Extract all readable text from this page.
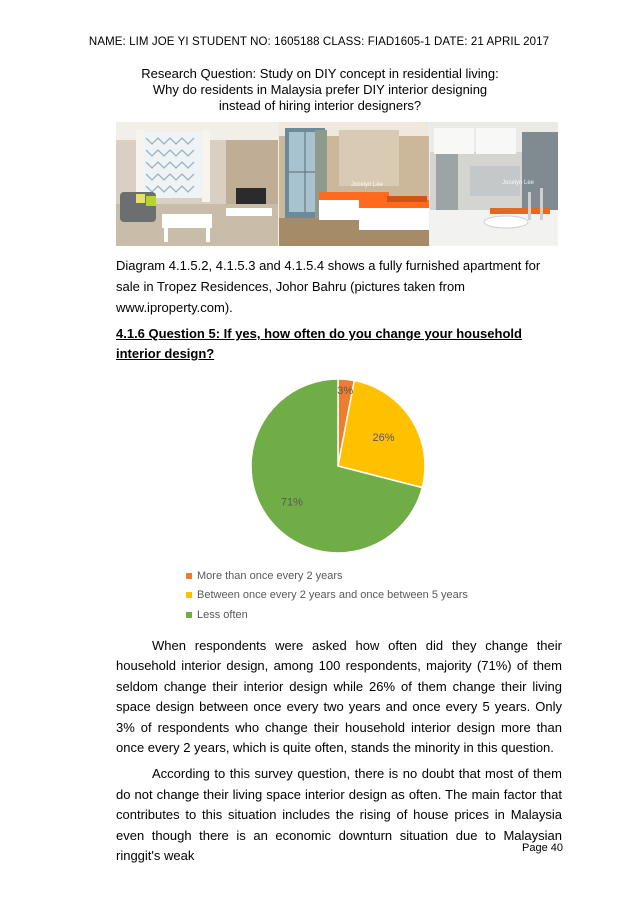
NAME: LIM JOE YI STUDENT NO: 1605188 CLASS: FIAD1605-1 DATE: 21 APRIL 2017
Research Question: Study on DIY concept in residential living:
Why do residents in Malaysia prefer DIY interior designing
instead of hiring interior designers?
Jocelyn Lee	Jocelyn Lee
Diagram 4.1.5.2, 4.1.5.3 and 4.1.5.4 shows a fully furnished apartment for sale in Tropez Residences, Johor Bahru (pictures taken from www.iproperty.com).
4.1.6 Question 5: If yes, how often do you change your household interior design?
3%
26%
71%
More than once every 2 years
Between once every 2 years and once between 5 years
Less often

When respondents were asked how often did they change their household interior design, among 100 respondents, majority (71%) of them seldom change their interior design while 26% of them change their living space design between once every two years and once every 5 years. Only 3% of respondents who change their household interior design more than once every 2 years, which is quite often, stands the minority in this question.

According to this survey question, there is no doubt that most of them do not change their living space interior design as often. The main factor that contributes to this situation includes the rising of house prices in Malaysia even though there is an economic downturn situation due to Malaysian ringgit's weak

Page 40
